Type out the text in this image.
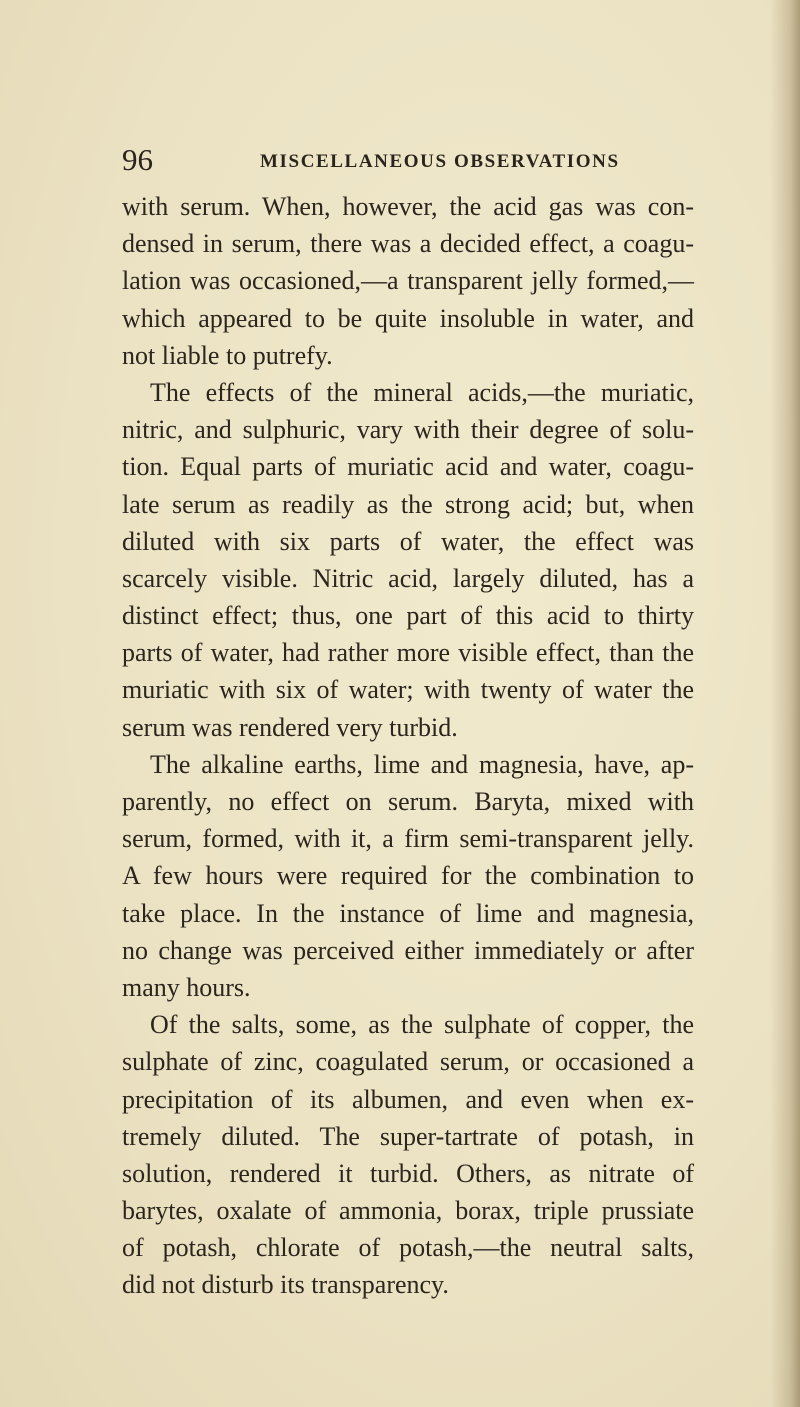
96	MISCELLANEOUS OBSERVATIONS
with serum. When, however, the acid gas was con-
densed in serum, there was a decided effect, a coagu-
lation was occasioned,—a transparent jelly formed,—
which appeared to be quite insoluble in water, and
not liable to putrefy.
The effects of the mineral acids,—the muriatic,
nitric, and sulphuric, vary with their degree of solu-
tion. Equal parts of muriatic acid and water, coagu-
late serum as readily as the strong acid; but, when
diluted with six parts of water, the effect was
scarcely visible. Nitric acid, largely diluted, has a
distinct effect; thus, one part of this acid to thirty
parts of water, had rather more visible effect, than the
muriatic with six of water; with twenty of water the
serum was rendered very turbid.
The alkaline earths, lime and magnesia, have, ap-
parently, no effect on serum. Baryta, mixed with
serum, formed, with it, a firm semi-transparent jelly.
A few hours were required for the combination to
take place. In the instance of lime and magnesia,
no change was perceived either immediately or after
many hours.
Of the salts, some, as the sulphate of copper, the
sulphate of zinc, coagulated serum, or occasioned a
precipitation of its albumen, and even when ex-
tremely diluted. The super-tartrate of potash, in
solution, rendered it turbid. Others, as nitrate of
barytes, oxalate of ammonia, borax, triple prussiate
of potash, chlorate of potash,—the neutral salts,
did not disturb its transparency.
